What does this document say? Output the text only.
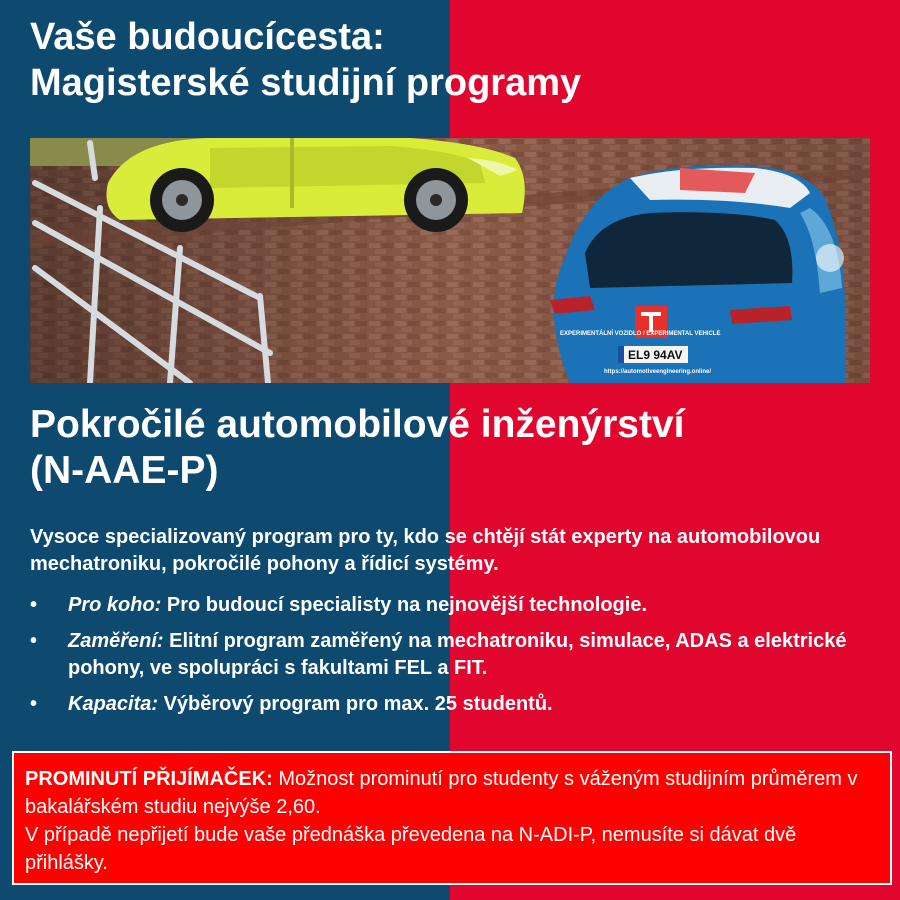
Vaše budoucícesta:
Magisterské studijní programy
EXPERIMENTÁLNÍ VOZIDLO / EXPERIMENTAL VEHICLE
EL9 94AV
https://automotiveengineering.online/
Pokročilé automobilové inženýrství
(N-AAE-P)

Vysoce specializovaný program pro ty, kdo se chtějí stát experty na automobilovou mechatroniku, pokročilé pohony a řídicí systémy.

•	Pro koho: Pro budoucí specialisty na nejnovější technologie.
•	Zaměření: Elitní program zaměřený na mechatroniku, simulace, ADAS a elektrické pohony, ve spolupráci s fakultami FEL a FIT.
•	Kapacita: Výběrový program pro max. 25 studentů.
PROMINUTÍ PŘIJÍMAČEK: Možnost prominutí pro studenty s váženým studijním průměrem v bakalářském studiu nejvýše 2,60.
V případě nepřijetí bude vaše přednáška převedena na N-ADI-P, nemusíte si dávat dvě přihlášky.
